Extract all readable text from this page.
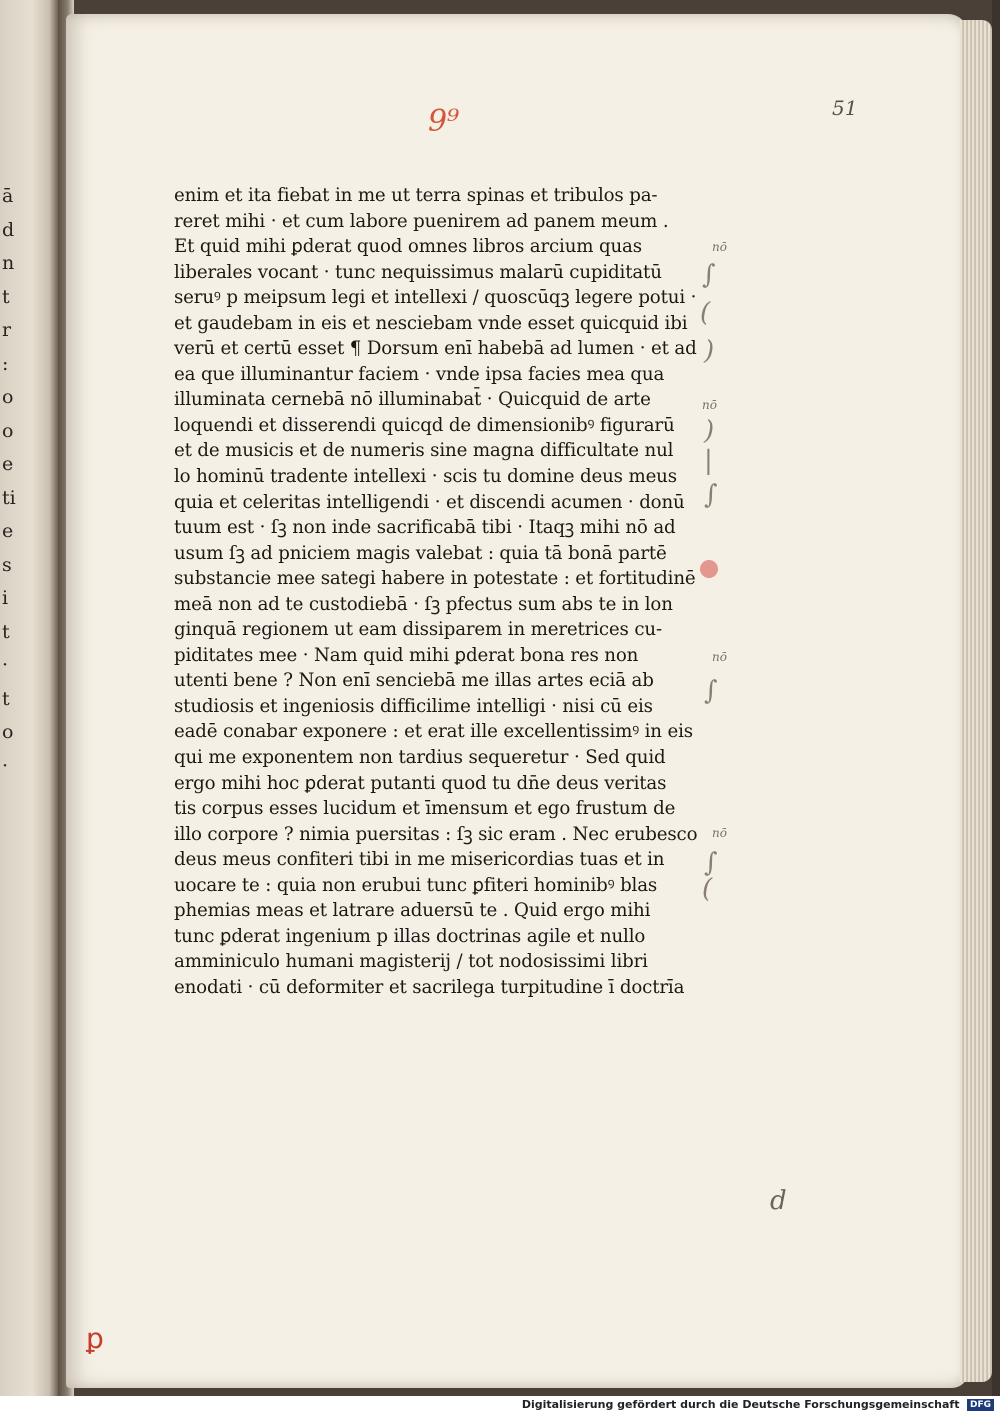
ā
d
n
t
r
:
o
o
e
ti
e
s
i
t
·
t
o
·
51
9⁹
d
ꝑ
enim et ita fiebat in me ut terra spinas et tribulos pa-
reret mihi · et cum labore puenirem ad panem meum .
Et quid mihi ꝑderat quod omnes libros arcium quas
liberales vocant · tunc nequissimus malarū cupiditatū
seruꝰ p meipsum legi et intellexi / quoscūqꝫ legere potui ·
et gaudebam in eis et nesciebam vnde esset quicquid ibi
verū et certū esset ¶ Dorsum enī habebā ad lumen · et ad
ea que illuminantur faciem · vnde ipsa facies mea qua
illuminata cernebā nō illuminabat̄ · Quicquid de arte
loquendi et disserendi quicqd de dimensionibꝰ figurarū
et de musicis et de numeris sine magna difficultate nul
lo hominū tradente intellexi · scis tu domine deus meus
quia et celeritas intelligendi · et discendi acumen · donū
tuum est · ſꝫ non inde sacrificabā tibi · Itaqꝫ mihi nō ad
usum ſꝫ ad pniciem magis valebat : quia tā bonā partē
substancie mee sategi habere in potestate : et fortitudinē
meā non ad te custodiebā · ſꝫ pfectus sum abs te in lon
ginquā regionem ut eam dissiparem in meretrices cu-
piditates mee · Nam quid mihi ꝑderat bona res non
utenti bene ? Non enī senciebā me illas artes eciā ab
studiosis et ingeniosis difficilime intelligi · nisi cū eis
eadē conabar exponere : et erat ille excellentissimꝰ in eis
qui me exponentem non tardius sequeretur · Sed quid
ergo mihi hoc ꝑderat putanti quod tu dn̄e deus veritas
tis corpus esses lucidum et īmensum et ego frustum de
illo corpore ? nimia puersitas : ſꝫ sic eram . Nec erubesco
deus meus confiteri tibi in me misericordias tuas et in
uocare te : quia non erubui tunc ꝑfiteri hominibꝰ blas
phemias meas et latrare aduersū te . Quid ergo mihi
tunc ꝑderat ingenium p illas doctrinas agile et nullo
amminiculo humani magisterij / tot nodosissimi libri
enodati · cū deformiter et sacrilega turpitudine ī doctrīa
nō
nō
nō
nō
∫
(
)
)
|
∫
∫
∫
(
Digitalisierung gefördert durch die Deutsche Forschungsgemeinschaft DFG
